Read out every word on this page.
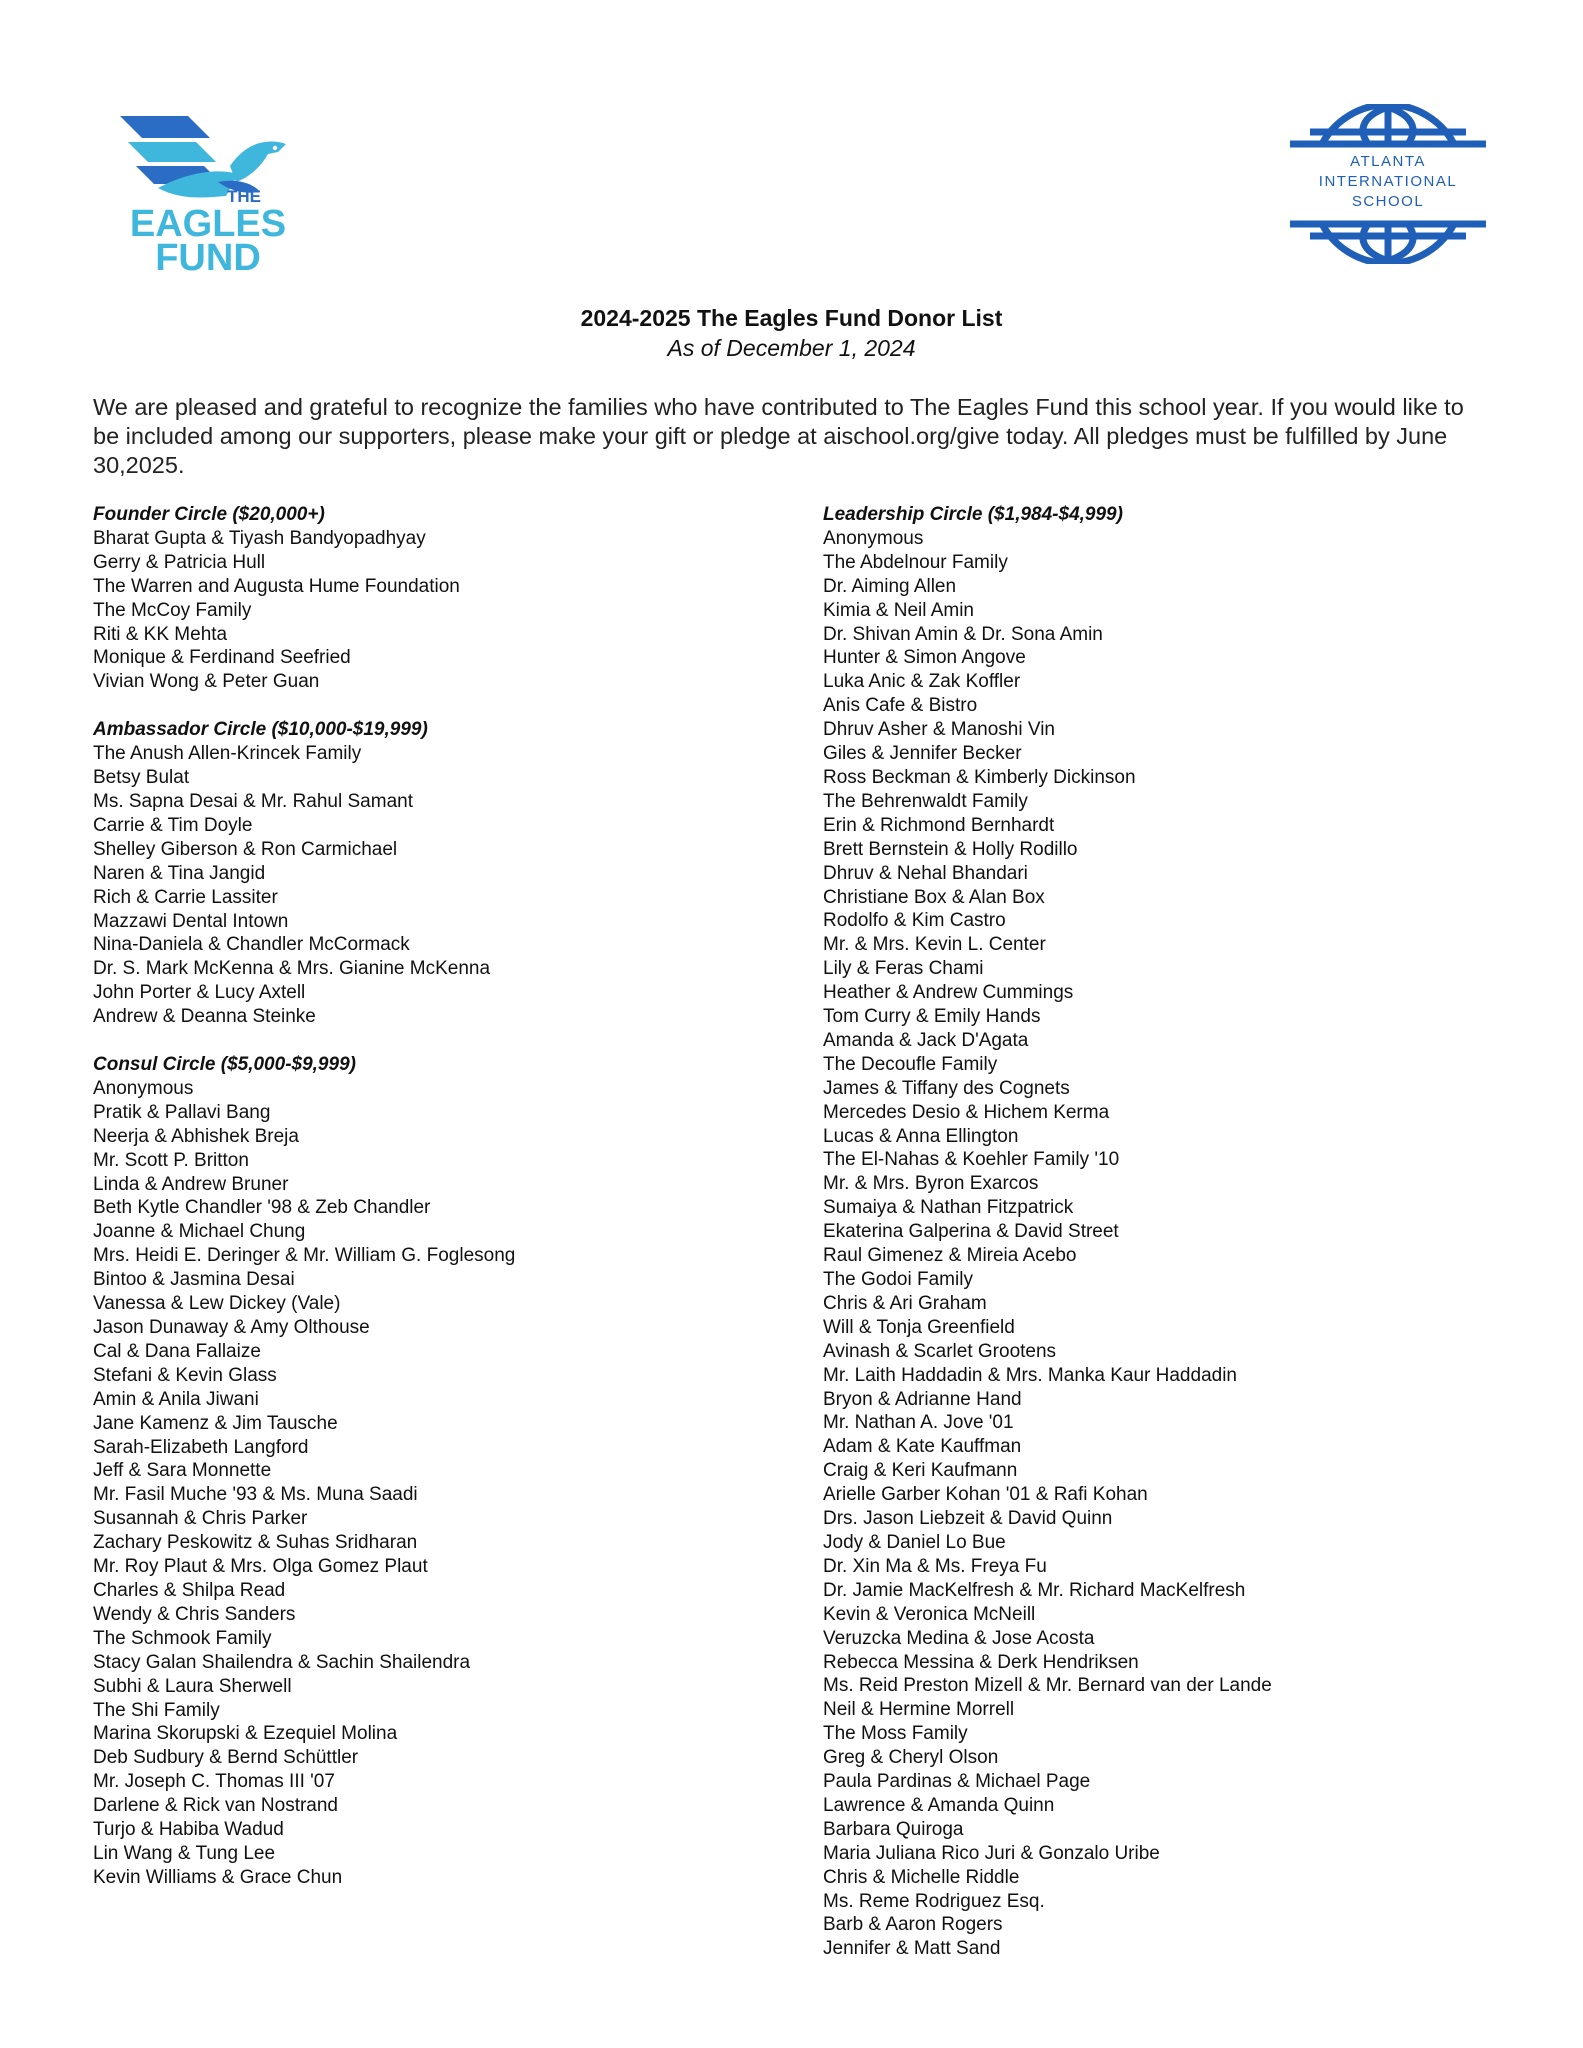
THE
EAGLES
FUND
ATLANTA
INTERNATIONAL
SCHOOL
2024-2025 The Eagles Fund Donor List
As of December 1, 2024
We are pleased and grateful to recognize the families who have contributed to The Eagles Fund this school year. If you would like to be included among our supporters, please make your gift or pledge at aischool.org/give today. All pledges must be fulfilled by June 30,2025.
Founder Circle ($20,000+)
Bharat Gupta & Tiyash Bandyopadhyay
Gerry & Patricia Hull
The Warren and Augusta Hume Foundation
The McCoy Family
Riti & KK Mehta
Monique & Ferdinand Seefried
Vivian Wong & Peter Guan
Ambassador Circle ($10,000-$19,999)
The Anush Allen-Krincek Family
Betsy Bulat
Ms. Sapna Desai & Mr. Rahul Samant
Carrie & Tim Doyle
Shelley Giberson & Ron Carmichael
Naren & Tina Jangid
Rich & Carrie Lassiter
Mazzawi Dental Intown
Nina-Daniela & Chandler McCormack
Dr. S. Mark McKenna & Mrs. Gianine McKenna
John Porter & Lucy Axtell
Andrew & Deanna Steinke
Consul Circle ($5,000-$9,999)
Anonymous
Pratik & Pallavi Bang
Neerja & Abhishek Breja
Mr. Scott P. Britton
Linda & Andrew Bruner
Beth Kytle Chandler '98 & Zeb Chandler
Joanne & Michael Chung
Mrs. Heidi E. Deringer & Mr. William G. Foglesong
Bintoo & Jasmina Desai
Vanessa & Lew Dickey (Vale)
Jason Dunaway & Amy Olthouse
Cal & Dana Fallaize
Stefani & Kevin Glass
Amin & Anila Jiwani
Jane Kamenz & Jim Tausche
Sarah-Elizabeth Langford
Jeff & Sara Monnette
Mr. Fasil Muche '93 & Ms. Muna Saadi
Susannah & Chris Parker
Zachary Peskowitz & Suhas Sridharan
Mr. Roy Plaut & Mrs. Olga Gomez Plaut
Charles & Shilpa Read
Wendy & Chris Sanders
The Schmook Family
Stacy Galan Shailendra & Sachin Shailendra
Subhi & Laura Sherwell
The Shi Family
Marina Skorupski & Ezequiel Molina
Deb Sudbury & Bernd Schüttler
Mr. Joseph C. Thomas III '07
Darlene & Rick van Nostrand
Turjo & Habiba Wadud
Lin Wang & Tung Lee
Kevin Williams & Grace Chun
Leadership Circle ($1,984-$4,999)
Anonymous
The Abdelnour Family
Dr. Aiming Allen
Kimia & Neil Amin
Dr. Shivan Amin & Dr. Sona Amin
Hunter & Simon Angove
Luka Anic & Zak Koffler
Anis Cafe & Bistro
Dhruv Asher & Manoshi Vin
Giles & Jennifer Becker
Ross Beckman & Kimberly Dickinson
The Behrenwaldt Family
Erin & Richmond Bernhardt
Brett Bernstein & Holly Rodillo
Dhruv & Nehal Bhandari
Christiane Box & Alan Box
Rodolfo & Kim Castro
Mr. & Mrs. Kevin L. Center
Lily & Feras Chami
Heather & Andrew Cummings
Tom Curry & Emily Hands
Amanda & Jack D'Agata
The Decoufle Family
James & Tiffany des Cognets
Mercedes Desio & Hichem Kerma
Lucas & Anna Ellington
The El-Nahas & Koehler Family '10
Mr. & Mrs. Byron Exarcos
Sumaiya & Nathan Fitzpatrick
Ekaterina Galperina & David Street
Raul Gimenez & Mireia Acebo
The Godoi Family
Chris & Ari Graham
Will & Tonja Greenfield
Avinash & Scarlet Grootens
Mr. Laith Haddadin & Mrs. Manka Kaur Haddadin
Bryon & Adrianne Hand
Mr. Nathan A. Jove '01
Adam & Kate Kauffman
Craig & Keri Kaufmann
Arielle Garber Kohan '01 & Rafi Kohan
Drs. Jason Liebzeit & David Quinn
Jody & Daniel Lo Bue
Dr. Xin Ma & Ms. Freya Fu
Dr. Jamie MacKelfresh & Mr. Richard MacKelfresh
Kevin & Veronica McNeill
Veruzcka Medina & Jose Acosta
Rebecca Messina & Derk Hendriksen
Ms. Reid Preston Mizell & Mr. Bernard van der Lande
Neil & Hermine Morrell
The Moss Family
Greg & Cheryl Olson
Paula Pardinas & Michael Page
Lawrence & Amanda Quinn
Barbara Quiroga
Maria Juliana Rico Juri & Gonzalo Uribe
Chris & Michelle Riddle
Ms. Reme Rodriguez Esq.
Barb & Aaron Rogers
Jennifer & Matt Sand
